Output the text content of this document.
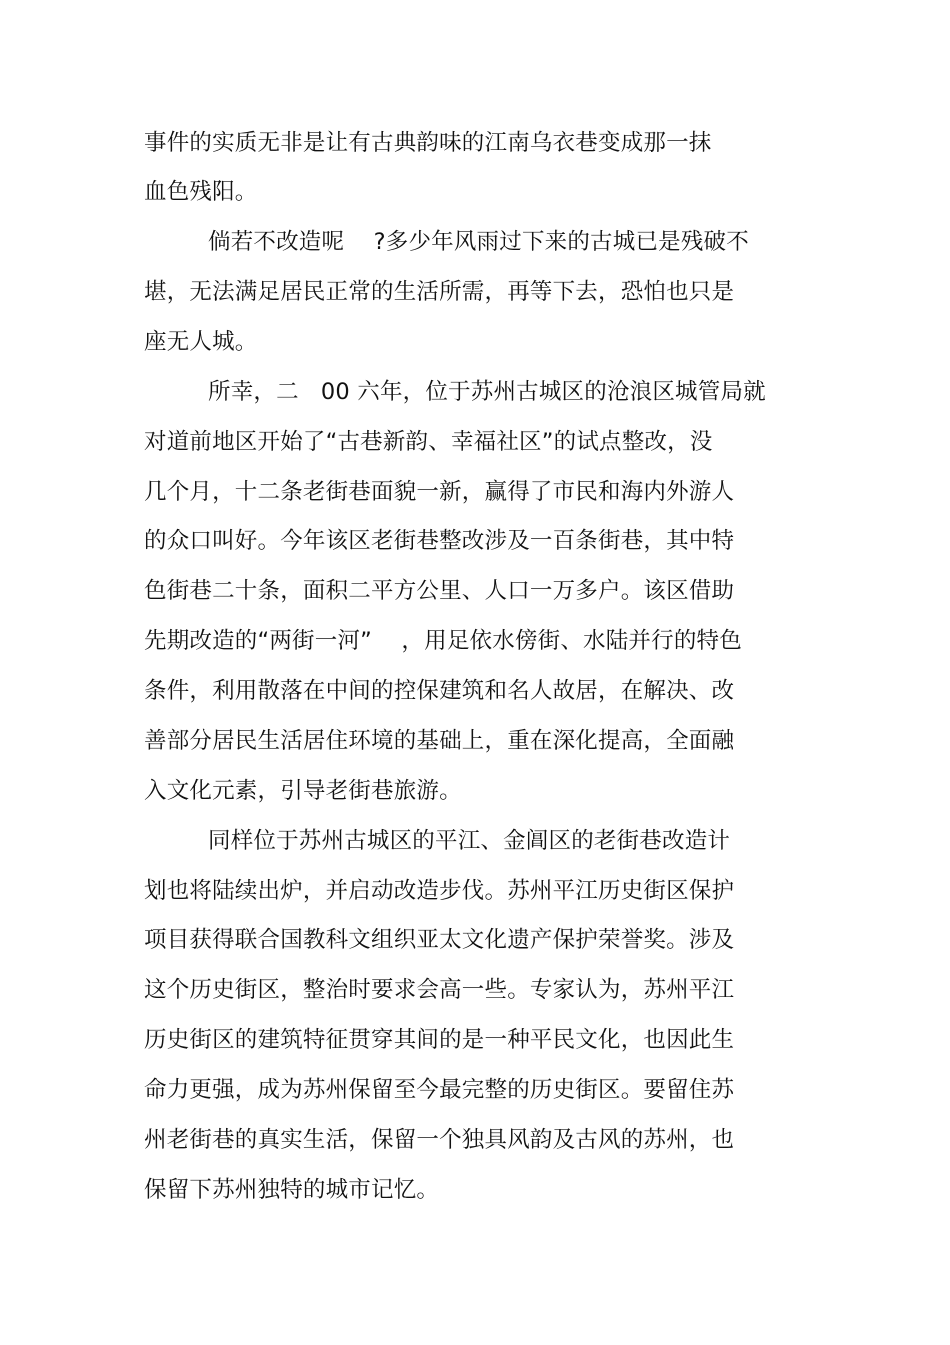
事件的实质无非是让有古典韵味的江南乌衣巷变成那一抹
血色残阳。
倘若不改造呢    ?多少年风雨过下来的古城已是残破不
堪，无法满足居民正常的生活所需，再等下去，恐怕也只是
座无人城。
所幸，二   00 六年，位于苏州古城区的沧浪区城管局就
对道前地区开始了“古巷新韵、幸福社区”的试点整改，没
几个月，十二条老街巷面貌一新，赢得了市民和海内外游人
的众口叫好。今年该区老街巷整改涉及一百条街巷，其中特
色街巷二十条，面积二平方公里、人口一万多户。该区借助
先期改造的“两街一河”    ，用足依水傍街、水陆并行的特色
条件，利用散落在中间的控保建筑和名人故居，在解决、改
善部分居民生活居住环境的基础上，重在深化提高，全面融
入文化元素，引导老街巷旅游。
同样位于苏州古城区的平江、金阊区的老街巷改造计
划也将陆续出炉，并启动改造步伐。苏州平江历史街区保护
项目获得联合国教科文组织亚太文化遗产保护荣誉奖。涉及
这个历史街区，整治时要求会高一些。专家认为，苏州平江
历史街区的建筑特征贯穿其间的是一种平民文化，也因此生
命力更强，成为苏州保留至今最完整的历史街区。要留住苏
州老街巷的真实生活，保留一个独具风韵及古风的苏州，也
保留下苏州独特的城市记忆。
